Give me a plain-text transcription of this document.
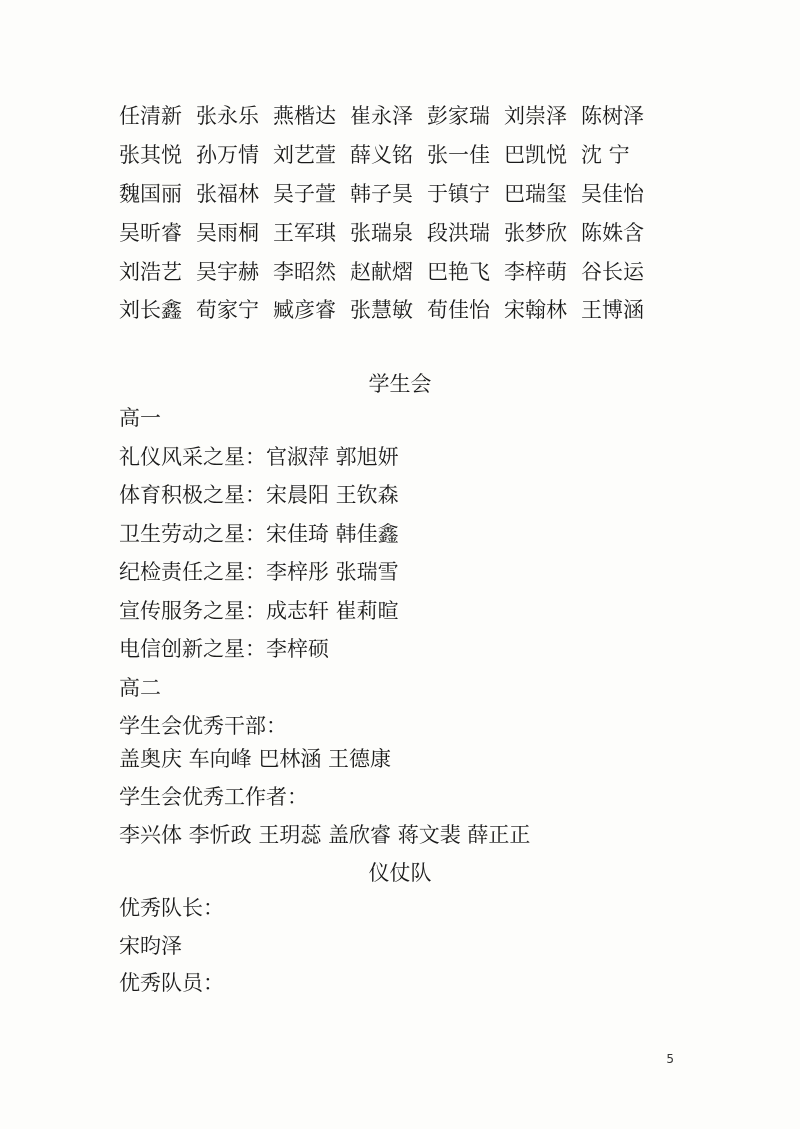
任清新 张永乐 燕楷达 崔永泽 彭家瑞 刘崇泽 陈树泽
张其悦 孙万情 刘艺萱 薛义铭 张一佳 巴凯悦 沈 宁
魏国丽 张福林 吴子萱 韩子昊 于镇宁 巴瑞玺 吴佳怡
吴昕睿 吴雨桐 王军琪 张瑞泉 段洪瑞 张梦欣 陈姝含
刘浩艺 吴宇赫 李昭然 赵献熠 巴艳飞 李梓萌 谷长运
刘长鑫 荀家宁 臧彦睿 张慧敏 荀佳怡 宋翰林 王博涵
学生会
高一
礼仪风采之星：官淑萍 郭旭妍
体育积极之星：宋晨阳 王钦森
卫生劳动之星：宋佳琦 韩佳鑫
纪检责任之星：李梓彤 张瑞雪
宣传服务之星：成志轩 崔莉暄
电信创新之星：李梓硕
高二
学生会优秀干部：
盖奥庆 车向峰 巴林涵 王德康
学生会优秀工作者：
李兴体 李忻政 王玥蕊 盖欣睿 蒋文裴 薛正正
仪仗队
优秀队长：
宋昀泽
优秀队员：
5
